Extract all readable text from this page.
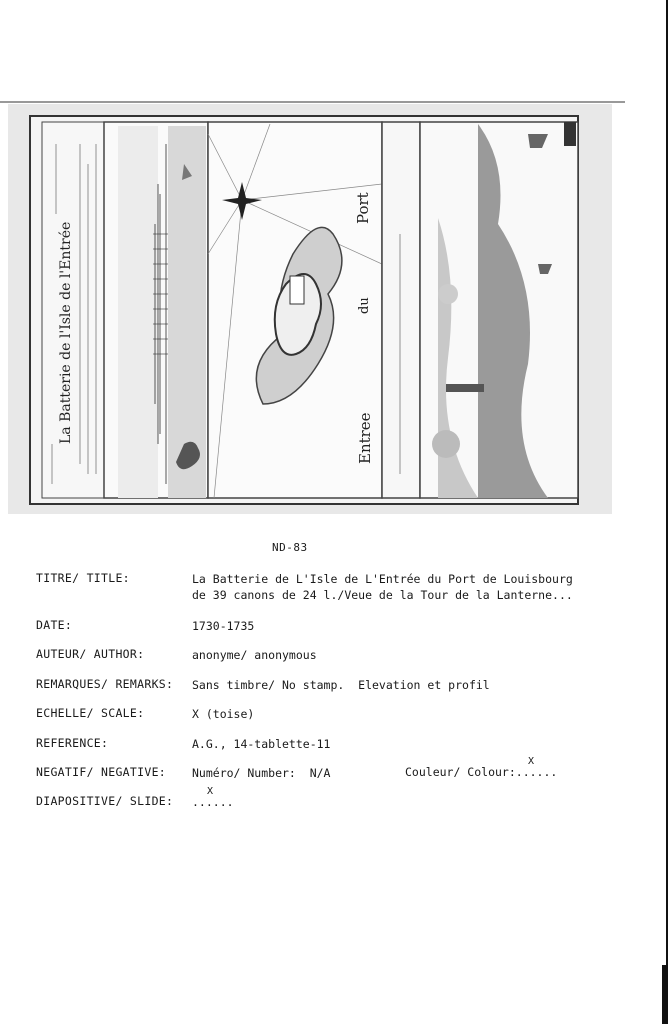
La Batterie de l'Isle de l'Entrée
Port
du
Entree
ND-83
TITRE/ TITLE:	La Batterie de L'Isle de L'Entrée du Port de Louisbourg
de 39 canons de 24 l./Veue de la Tour de la Lanterne...
DATE:	1730-1735
AUTEUR/ AUTHOR:	anonyme/ anonymous
REMARQUES/ REMARKS: Sans timbre/ No stamp.  Elevation et profil
ECHELLE/ SCALE:	X (toise)
REFERENCE:	A.G., 14-tablette-11
NEGATIF/ NEGATIVE: Numéro/ Number:  N/A	Couleur/ Colour:......
X
DIAPOSITIVE/ SLIDE: ......
X
